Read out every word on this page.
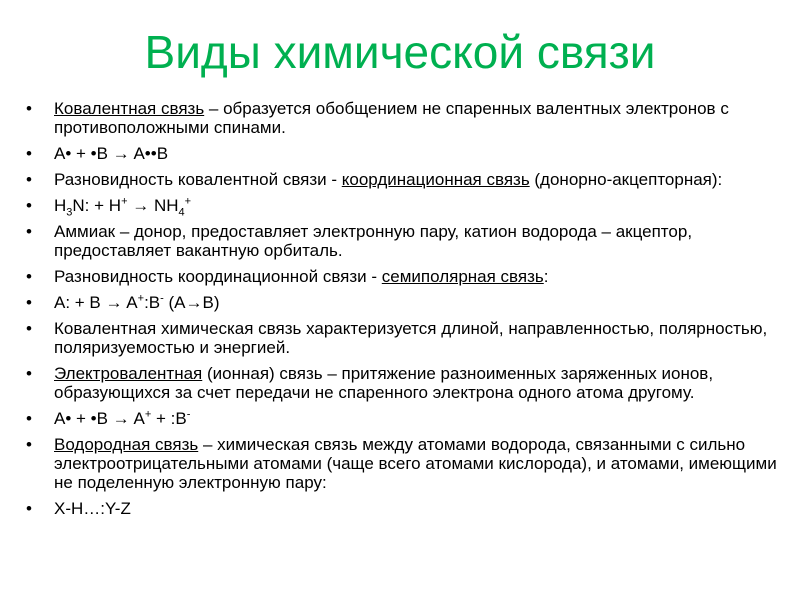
Виды химической связи
• Ковалентная связь – образуется обобщением не спаренных валентных электронов с противоположными спинами.
• A• + •B → A••B
• Разновидность ковалентной связи - координационная связь (донорно-акцепторная):
• $H_3N$: + $H^+ \to NH_4^+$
• Аммиак – донор, предоставляет электронную пару, катион водорода – акцептор, предоставляет вакантную орбиталь.
• Разновидность координационной связи - семиполярная связь:
• A: + B → A+:B- (A→B)
• Ковалентная химическая связь характеризуется длиной, направленностью, полярностью, поляризуемостью и энергией.
• Электровалентная (ионная) связь – притяжение разноименных заряженных ионов, образующихся за счет передачи не спаренного электрона одного атома другому.
• A• + •B → A+ + :B-
• Водородная связь – химическая связь между атомами водорода, связанными с сильно электроотрицательными атомами (чаще всего атомами кислорода), и атомами, имеющими не поделенную электронную пару:
• X-H…:Y-Z
